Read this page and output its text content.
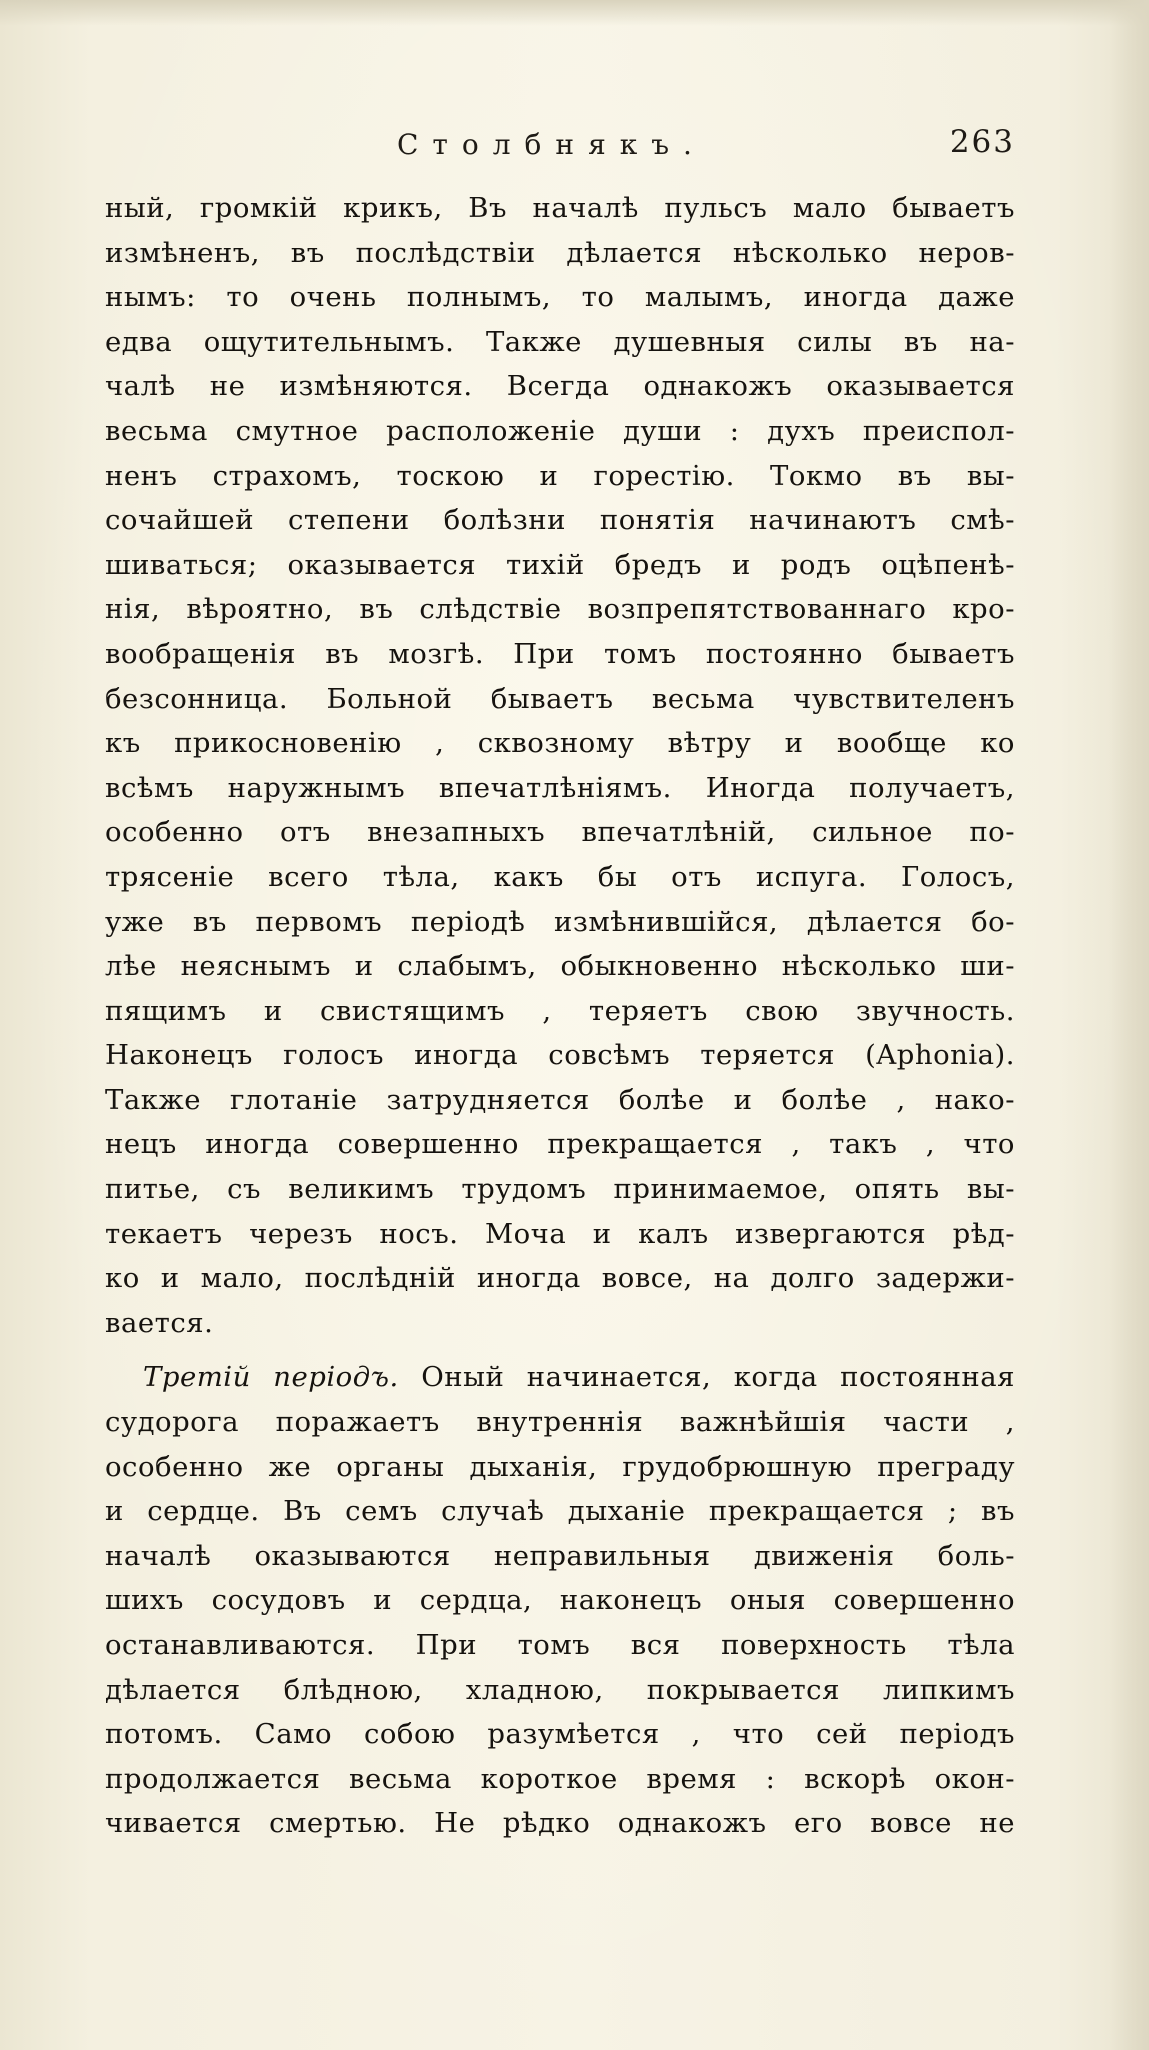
Столбнякъ.	263
ный, громкій крикъ, Въ началѣ пульсъ мало бываетъ
измѣненъ, въ послѣдствіи дѣлается нѣсколько неров-
нымъ: то очень полнымъ, то малымъ, иногда даже
едва ощутительнымъ. Также душевныя силы въ на-
чалѣ не измѣняются. Всегда однакожъ оказывается
весьма смутное расположеніе души : духъ преиспол-
ненъ страхомъ, тоскою и горестію. Токмо въ вы-
сочайшей степени болѣзни понятія начинаютъ смѣ-
шиваться; оказывается тихій бредъ и родъ оцѣпенѣ-
нія, вѣроятно, въ слѣдствіе возпрепятствованнаго кро-
вообращенія въ мозгѣ. При томъ постоянно бываетъ
безсонница. Больной бываетъ весьма чувствителенъ
къ прикосновенію , сквозному вѣтру и вообще ко
всѣмъ наружнымъ впечатлѣніямъ. Иногда получаетъ,
особенно отъ внезапныхъ впечатлѣній, сильное по-
трясеніе всего тѣла, какъ бы отъ испуга. Голосъ,
уже въ первомъ періодѣ измѣнившійся, дѣлается бо-
лѣе неяснымъ и слабымъ, обыкновенно нѣсколько ши-
пящимъ и свистящимъ , теряетъ свою звучность.
Наконецъ голосъ иногда совсѣмъ теряется (Aphonia).
Также глотаніе затрудняется болѣе и болѣе , нако-
нецъ иногда совершенно прекращается , такъ , что
питье, съ великимъ трудомъ принимаемое, опять вы-
текаетъ черезъ носъ. Моча и калъ извергаются рѣд-
ко и мало, послѣдній иногда вовсе, на долго задержи-
вается.
Третій періодъ. Оный начинается, когда постоянная
судорога поражаетъ внутреннія важнѣйшія части ,
особенно же органы дыханія, грудобрюшную преграду
и сердце. Въ семъ случаѣ дыханіе прекращается ; въ
началѣ оказываются неправильныя движенія боль-
шихъ сосудовъ и сердца, наконецъ оныя совершенно
останавливаются. При томъ вся поверхность тѣла
дѣлается блѣдною, хладною, покрывается липкимъ
потомъ. Само собою разумѣется , что сей періодъ
продолжается весьма короткое время : вскорѣ окон-
чивается смертью. Не рѣдко однакожъ его вовсе не
